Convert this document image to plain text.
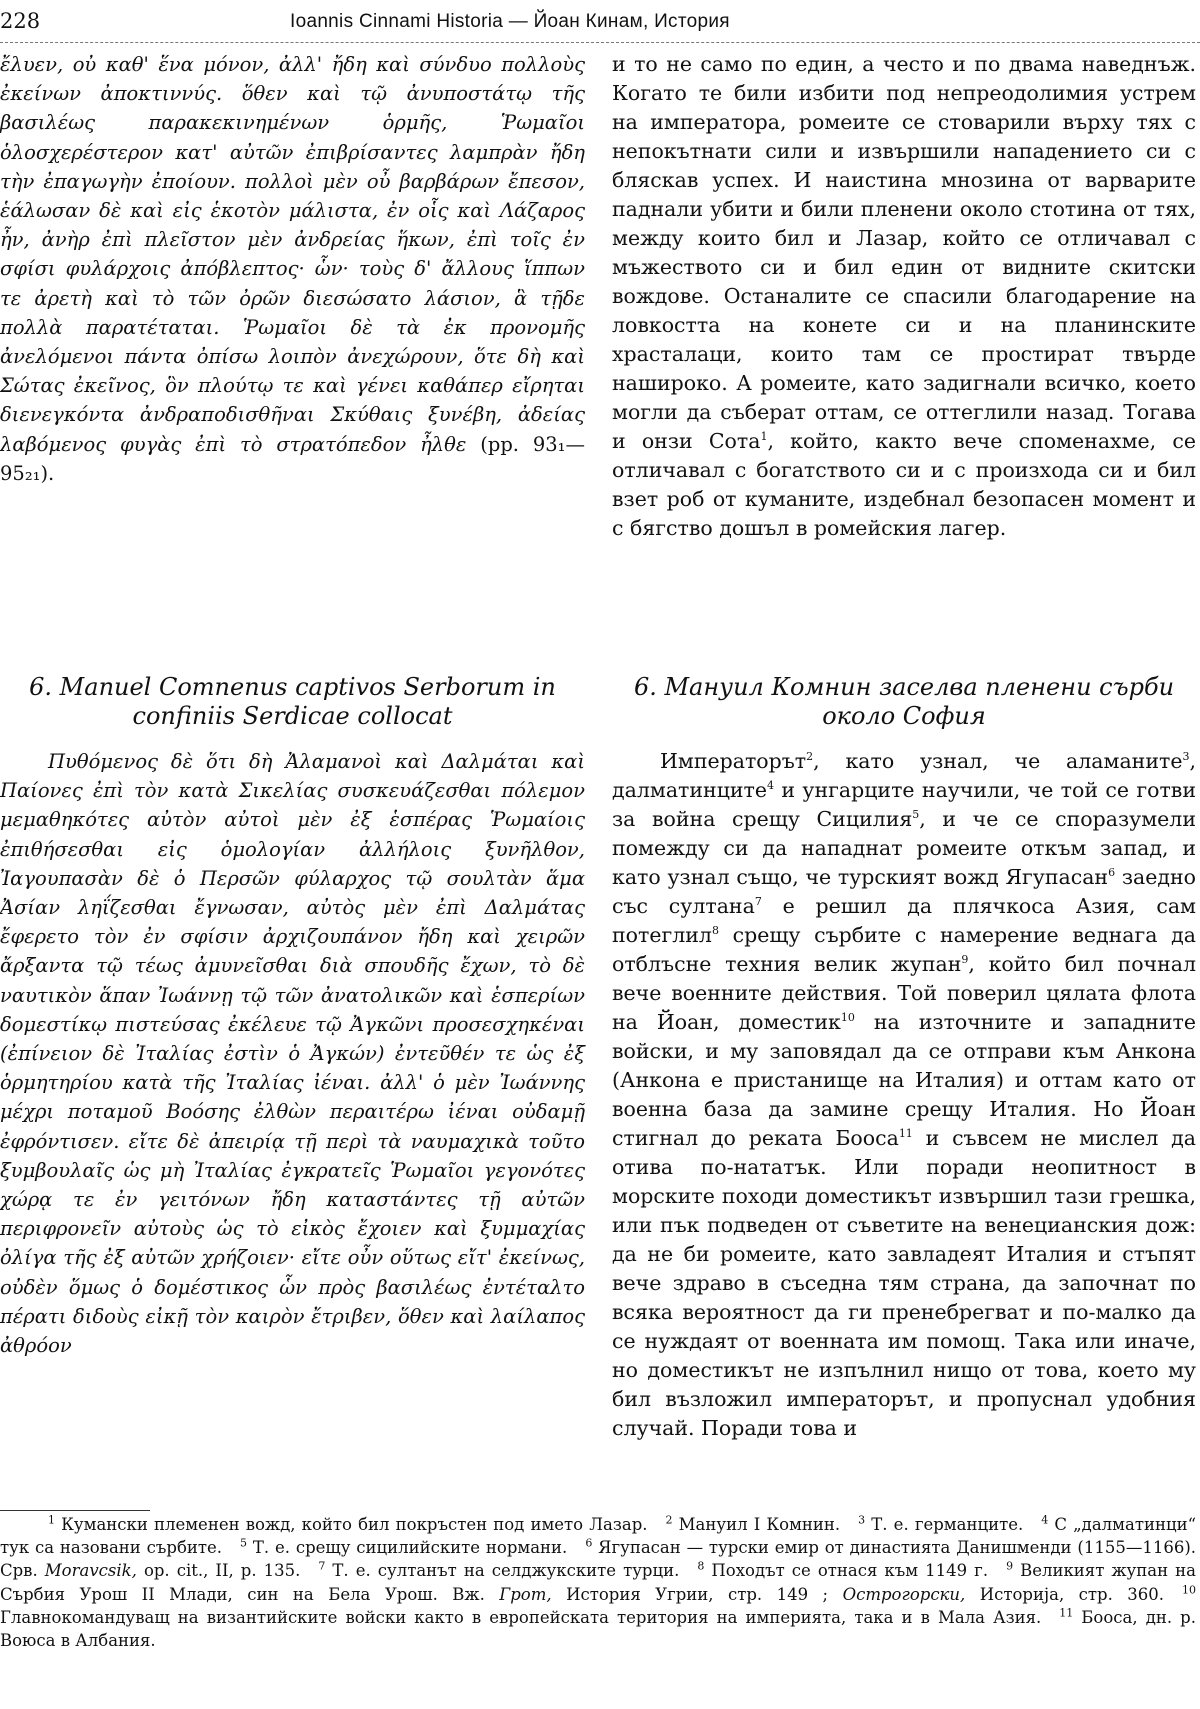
228	Ioannis Cinnami Historia — Йоан Кинам, История

ἔλυεν, οὐ καθ' ἕνα μόνον, ἀλλ' ἤδη καὶ σύνδυο πολλοὺς ἐκείνων ἀποκτιννύς. ὅθεν καὶ τῷ ἀνυποστάτῳ τῆς βασιλέως παρακεκινημένων ὁρμῆς, Ῥωμαῖοι ὁλοσχερέστερον κατ' αὐτῶν ἐπιβρίσαντες λαμπρὰν ἤδη τὴν ἐπαγωγὴν ἐποίουν. πολλοὶ μὲν οὖ βαρβάρων ἔπεσον, ἑάλωσαν δὲ καὶ εἰς ἑκοτὸν μάλιστα, ἐν οἷς καὶ Λάζαρος ἦν, ἀνὴρ ἐπὶ πλεῖστον μὲν ἀνδρείας ἥκων, ἐπὶ τοῖς ἐν σφίσι φυλάρχοις ἀπόβλεπτος· ὧν· τοὺς δ' ἄλλους ἵππων τε ἀρετὴ καὶ τὸ τῶν ὀρῶν διεσώσατο λάσιον, ἃ τῇδε πολλὰ παρατέταται. Ῥωμαῖοι δὲ τὰ ἐκ προνομῆς ἀνελόμενοι πάντα ὀπίσω λοιπὸν ἀνεχώρουν, ὅτε δὴ καὶ Σώτας ἐκεῖνος, ὃν πλούτῳ τε καὶ γένει καθάπερ εἴρηται διενεγκόντα ἀνδραποδισθῆναι Σκύθαις ξυνέβη, ἀδείας λαβόμενος φυγὰς ἐπὶ τὸ στρατόπεδον ἦλθε (pp. 93₁—95₂₁).

и то не само по един, а често и по двама наведнъж. Когато те били избити под непреодолимия устрем на императора, ромеите се стоварили върху тях с непокътнати сили и извършили нападението си с бляскав успех. И наистина мнозина от варварите паднали убити и били пленени около стотина от тях, между които бил и Лазар, който се отличавал с мъжеството си и бил един от видните скитски вождове. Останалите се спасили благодарение на ловкостта на конете си и на планинските храсталаци, които там се простират твърде нашироко. А ромеите, като задигнали всичко, което могли да съберат оттам, се оттеглили назад. Тогава и онзи Сота$^1$, който, както вече споменахме, се отличавал с богатството си и с произхода си и бил взет роб от куманите, издебнал безопасен момент и с бягство дошъл в ромейския лагер.

6. Manuel Comnenus captivos Serborum in confiniis Serdicae collocat
6. Мануил Комнин заселва пленени сърби около София

Πυθόμενος δὲ ὅτι δὴ Ἀλαμανοὶ καὶ Δαλμάται καὶ Παίονες ἐπὶ τὸν κατὰ Σικελίας συσκευάζεσθαι πόλεμον μεμαθηκότες αὐτὸν αὐτοὶ μὲν ἐξ ἑσπέρας Ῥωμαίοις ἐπιθήσεσθαι εἰς ὁμολογίαν ἀλλήλοις ξυνῆλθον, Ἰαγουπασὰν δὲ ὁ Περσῶν φύλαρχος τῷ σουλτὰν ἅμα Ἀσίαν ληΐζεσθαι ἔγνωσαν, αὐτὸς μὲν ἐπὶ Δαλμάτας ἔφερετο τὸν ἐν σφίσιν ἀρχιζουπάνον ἤδη καὶ χειρῶν ἄρξαντα τῷ τέως ἀμυνεῖσθαι διὰ σπουδῆς ἔχων, τὸ δὲ ναυτικὸν ἅπαν Ἰωάννῃ τῷ τῶν ἀνατολικῶν καὶ ἑσπερίων δομεστίκῳ πιστεύσας ἐκέλευε τῷ Ἀγκῶνι προσεσχηκέναι (ἐπίνειον δὲ Ἰταλίας ἐστὶν ὁ Ἀγκών) ἐντεῦθέν τε ὡς ἐξ ὁρμητηρίου κατὰ τῆς Ἰταλίας ἰέναι. ἀλλ' ὁ μὲν Ἰωάννης μέχρι ποταμοῦ Βοόσης ἐλθὼν περαιτέρω ἰέναι οὐδαμῇ ἐφρόντισεν. εἴτε δὲ ἀπειρίᾳ τῇ περὶ τὰ ναυμαχικὰ τοῦτο ξυμβουλαῖς ὡς μὴ Ἰταλίας ἐγκρατεῖς Ῥωμαῖοι γεγονότες χώρᾳ τε ἐν γειτόνων ἤδη καταστάντες τῇ αὐτῶν περιφρονεῖν αὐτοὺς ὡς τὸ εἰκὸς ἔχοιεν καὶ ξυμμαχίας ὀλίγα τῆς ἐξ αὐτῶν χρήζοιεν· εἴτε οὖν οὕτως εἴτ' ἐκείνως, οὐδὲν ὅμως ὁ δομέστικος ὧν πρὸς βασιλέως ἐντέταλτο πέρατι διδοὺς εἰκῇ τὸν καιρὸν ἔτριβεν, ὅθεν καὶ λαίλαπος ἀθρόον

Императорът$^2$, като узнал, че аламаните$^3$, далматинците$^4$ и унгарците научили, че той се готви за война срещу Сицилия$^5$, и че се споразумели помежду си да нападнат ромеите откъм запад, и като узнал също, че турският вожд Ягупасан$^6$ заедно със султана$^7$ е решил да плячкоса Азия, сам потеглил$^8$ срещу сърбите с намерение веднага да отблъсне техния велик жупан$^9$, който бил почнал вече военните действия. Той поверил цялата флота на Йоан, доместик$^{10}$ на източните и западните войски, и му заповядал да се отправи към Анкона (Анкона е пристанище на Италия) и оттам като от военна база да замине срещу Италия. Но Йоан стигнал до реката Бооса$^{11}$ и съвсем не мислел да отива по-нататък. Или поради неопитност в морските походи доместикът извършил тази грешка, или пък подведен от съветите на венецианския дож: да не би ромеите, като завладеят Италия и стъпят вече здраво в съседна тям страна, да започнат по всяка вероятност да ги пренебрегват и по-малко да се нуждаят от военната им помощ. Така или иначе, но доместикът не изпълнил нищо от това, което му бил възложил императорът, и пропуснал удобния случай. Поради това и

$^1$ Кумански племенен вожд, който бил покръстен под името Лазар. $^2$ Мануил I Комнин. $^3$ Т. е. германците. $^4$ С „далматинци“ тук са назовани сърбите. $^5$ Т. е. срещу сицилийските нормани. $^6$ Ягупасан — турски емир от династията Данишменди (1155—1166). Срв. Moravcsik, op. cit., II, p. 135. $^7$ Т. е. султанът на селджукските турци. $^8$ Походът се отнася към 1149 г. $^9$ Великият жупан на Сърбия Урош II Млади, син на Бела Урош. Вж. Грот, История Угрии, стр. 149 ; Острогорски, Историја, стр. 360. $^{10}$ Главнокомандуващ на византийските войски както в европейската територия на империята, така и в Мала Азия. $^{11}$ Бооса, дн. р. Воюса в Албания.
